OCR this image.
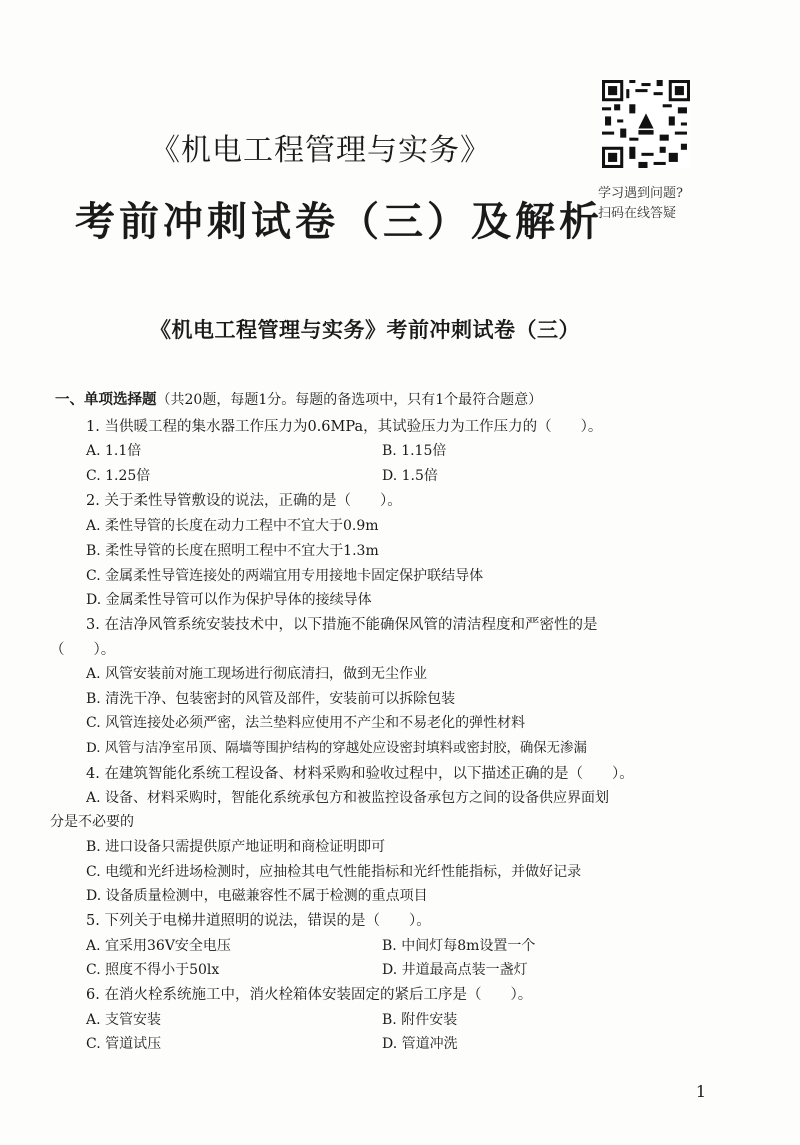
《机电工程管理与实务》
考前冲刺试卷（三）及解析
学习遇到问题?
扫码在线答疑
《机电工程管理与实务》考前冲刺试卷（三）
一、单项选择题（共20题，每题1分。每题的备选项中，只有1个最符合题意）
1. 当供暖工程的集水器工作压力为0.6MPa，其试验压力为工作压力的（　　）。
A. 1.1倍	B. 1.15倍
C. 1.25倍	D. 1.5倍
2. 关于柔性导管敷设的说法，正确的是（　　）。
A. 柔性导管的长度在动力工程中不宜大于0.9m
B. 柔性导管的长度在照明工程中不宜大于1.3m
C. 金属柔性导管连接处的两端宜用专用接地卡固定保护联结导体
D. 金属柔性导管可以作为保护导体的接续导体
3. 在洁净风管系统安装技术中，以下措施不能确保风管的清洁程度和严密性的是
（　　）。
A. 风管安装前对施工现场进行彻底清扫，做到无尘作业
B. 清洗干净、包装密封的风管及部件，安装前可以拆除包装
C. 风管连接处必须严密，法兰垫料应使用不产尘和不易老化的弹性材料
D. 风管与洁净室吊顶、隔墙等围护结构的穿越处应设密封填料或密封胶，确保无渗漏
4. 在建筑智能化系统工程设备、材料采购和验收过程中，以下描述正确的是（　　）。
A. 设备、材料采购时，智能化系统承包方和被监控设备承包方之间的设备供应界面划
分是不必要的
B. 进口设备只需提供原产地证明和商检证明即可
C. 电缆和光纤进场检测时，应抽检其电气性能指标和光纤性能指标，并做好记录
D. 设备质量检测中，电磁兼容性不属于检测的重点项目
5. 下列关于电梯井道照明的说法，错误的是（　　）。
A. 宜采用36V安全电压	B. 中间灯每8m设置一个
C. 照度不得小于50lx	D. 井道最高点装一盏灯
6. 在消火栓系统施工中，消火栓箱体安装固定的紧后工序是（　　）。
A. 支管安装	B. 附件安装
C. 管道试压	D. 管道冲洗
1
